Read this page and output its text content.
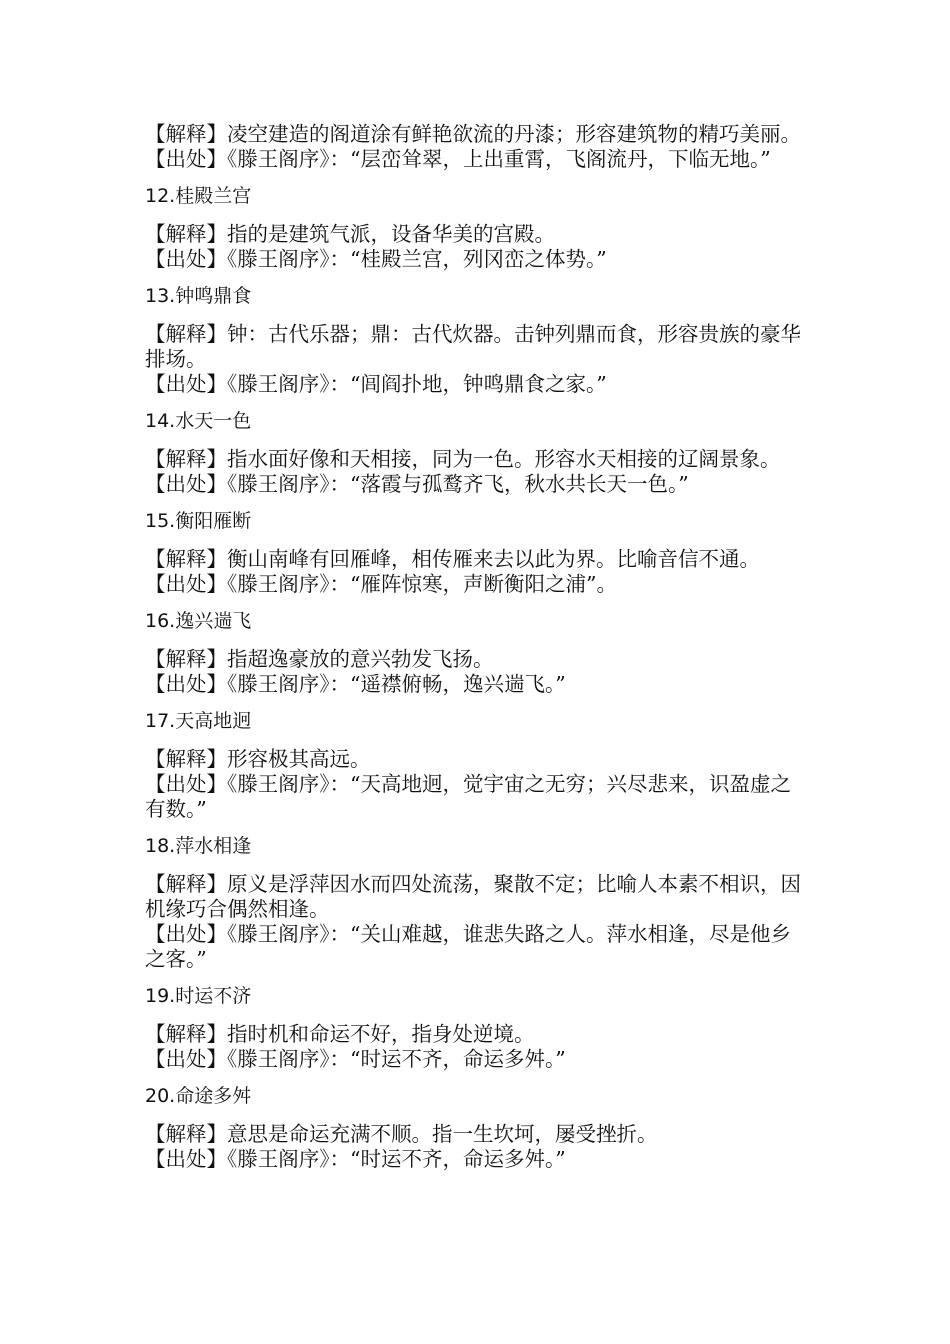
【解释】凌空建造的阁道涂有鲜艳欲流的丹漆；形容建筑物的精巧美丽。

【出处】《滕王阁序》：“层峦耸翠，上出重霄，飞阁流丹，下临无地。”

12.桂殿兰宫

【解释】指的是建筑气派，设备华美的宫殿。

【出处】《滕王阁序》：“桂殿兰宫，列冈峦之体势。”

13.钟鸣鼎食

【解释】钟：古代乐器；鼎：古代炊器。击钟列鼎而食，形容贵族的豪华排场。

【出处】《滕王阁序》：“闾阎扑地，钟鸣鼎食之家。”

14.水天一色

【解释】指水面好像和天相接，同为一色。形容水天相接的辽阔景象。

【出处】《滕王阁序》：“落霞与孤鹜齐飞，秋水共长天一色。”

15.衡阳雁断

【解释】衡山南峰有回雁峰，相传雁来去以此为界。比喻音信不通。

【出处】《滕王阁序》：“雁阵惊寒，声断衡阳之浦”。

16.逸兴遄飞

【解释】指超逸豪放的意兴勃发飞扬。

【出处】《滕王阁序》：“遥襟俯畅，逸兴遄飞。”

17.天高地迥

【解释】形容极其高远。

【出处】《滕王阁序》：“天高地迥，觉宇宙之无穷；兴尽悲来，识盈虚之有数。”

18.萍水相逢

【解释】原义是浮萍因水而四处流荡，聚散不定；比喻人本素不相识，因机缘巧合偶然相逢。

【出处】《滕王阁序》：“关山难越，谁悲失路之人。萍水相逢，尽是他乡之客。”

19.时运不济

【解释】指时机和命运不好，指身处逆境。

【出处】《滕王阁序》：“时运不齐，命运多舛。”

20.命途多舛

【解释】意思是命运充满不顺。指一生坎坷，屡受挫折。

【出处】《滕王阁序》：“时运不齐，命运多舛。”
